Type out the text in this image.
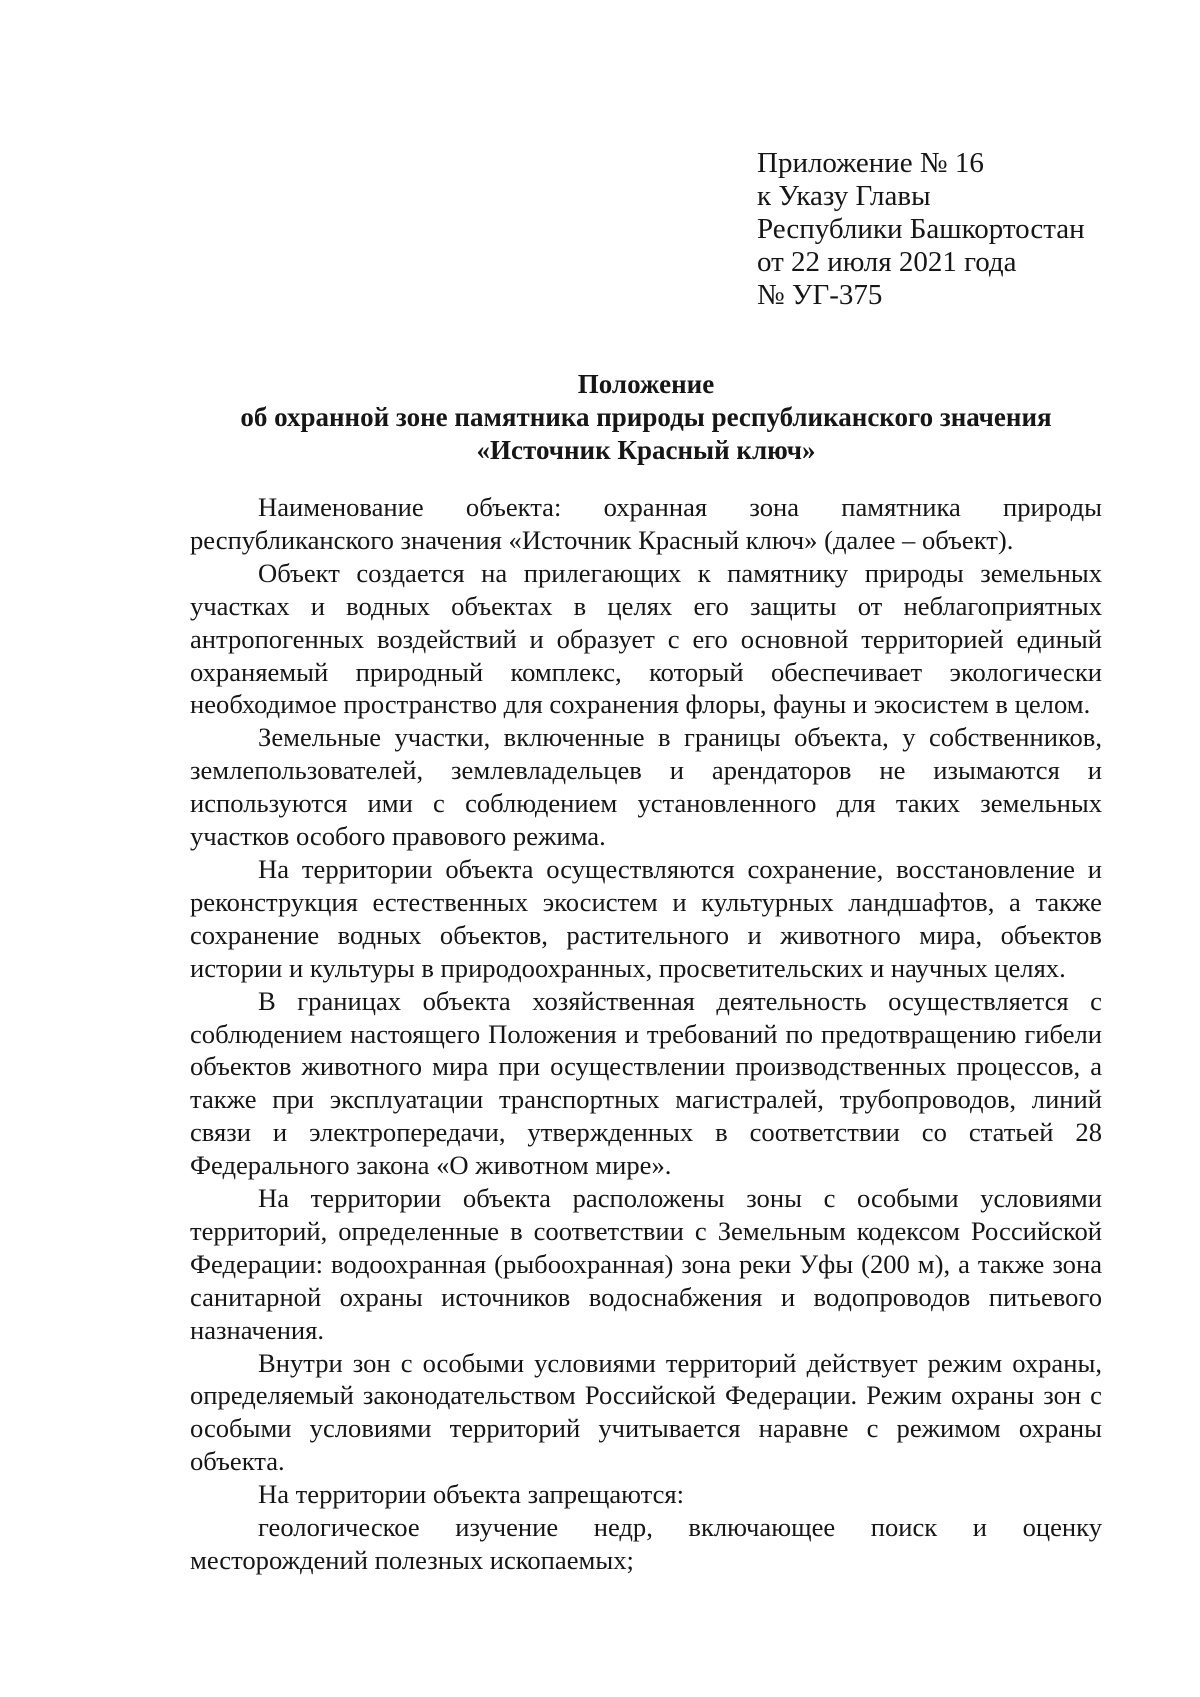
Приложение № 16
к Указу Главы
Республики Башкортостан
от 22 июля 2021 года
№ УГ-375
Положение
об охранной зоне памятника природы республиканского значения
«Источник Красный ключ»

Наименование объекта: охранная зона памятника природы республиканского значения «Источник Красный ключ» (далее – объект).

Объект создается на прилегающих к памятнику природы земельных участках и водных объектах в целях его защиты от неблагоприятных антропогенных воздействий и образует с его основной территорией единый охраняемый природный комплекс, который обеспечивает экологически необходимое пространство для сохранения флоры, фауны и экосистем в целом.

Земельные участки, включенные в границы объекта, у собственников, землепользователей, землевладельцев и арендаторов не изымаются и используются ими с соблюдением установленного для таких земельных участков особого правового режима.

На территории объекта осуществляются сохранение, восстановление и реконструкция естественных экосистем и культурных ландшафтов, а также сохранение водных объектов, растительного и животного мира, объектов истории и культуры в природоохранных, просветительских и научных целях.

В границах объекта хозяйственная деятельность осуществляется с соблюдением настоящего Положения и требований по предотвращению гибели объектов животного мира при осуществлении производственных процессов, а также при эксплуатации транспортных магистралей, трубопроводов, линий связи и электропередачи, утвержденных в соответствии со статьей 28 Федерального закона «О животном мире».

На территории объекта расположены зоны с особыми условиями территорий, определенные в соответствии с Земельным кодексом Российской Федерации: водоохранная (рыбоохранная) зона реки Уфы (200 м), а также зона санитарной охраны источников водоснабжения и водопроводов питьевого назначения.

Внутри зон с особыми условиями территорий действует режим охраны, определяемый законодательством Российской Федерации. Режим охраны зон с особыми условиями территорий учитывается наравне с режимом охраны объекта.

На территории объекта запрещаются:

геологическое изучение недр, включающее поиск и оценку месторождений полезных ископаемых;
